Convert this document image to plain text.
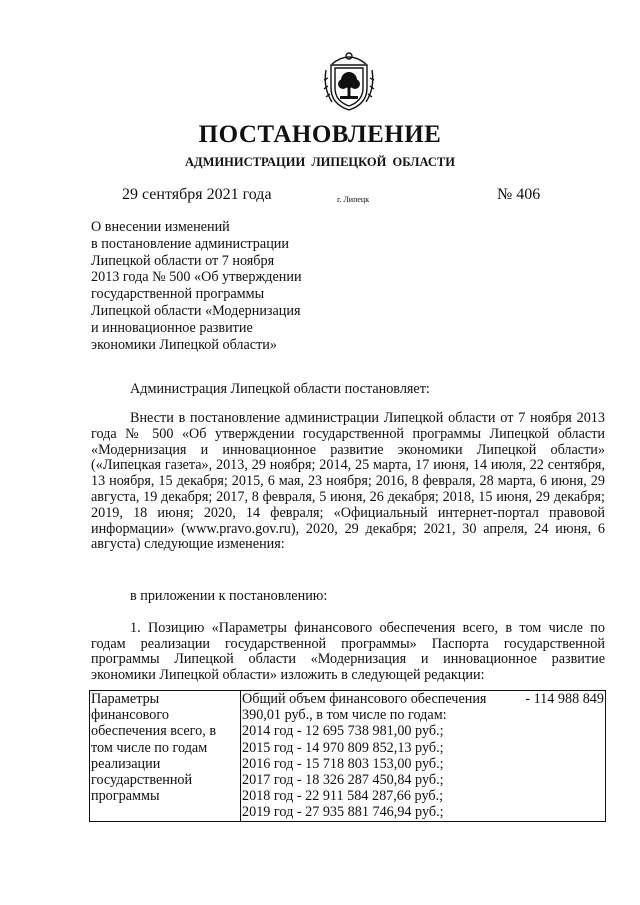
ПОСТАНОВЛЕНИЕ
АДМИНИСТРАЦИИ ЛИПЕЦКОЙ ОБЛАСТИ
29 сентября 2021 года	г. Липецк	№ 406

О внесении изменений
в постановление администрации
Липецкой области от 7 ноября
2013 года № 500 «Об утверждении
государственной программы
Липецкой области «Модернизация
и инновационное развитие
экономики Липецкой области»

Администрация Липецкой области постановляет:

Внести в постановление администрации Липецкой области от 7 ноября 2013 года № 500 «Об утверждении государственной программы Липецкой области «Модернизация и инновационное развитие экономики Липецкой области» («Липецкая газета», 2013, 29 ноября; 2014, 25 марта, 17 июня, 14 июля, 22 сентября, 13 ноября, 15 декабря; 2015, 6 мая, 23 ноября; 2016, 8 февраля, 28 марта, 6 июня, 29 августа, 19 декабря; 2017, 8 февраля, 5 июня, 26 декабря; 2018, 15 июня, 29 декабря; 2019, 18 июня; 2020, 14 февраля; «Официальный интернет-портал правовой информации» (www.pravo.gov.ru), 2020, 29 декабря; 2021, 30 апреля, 24 июня, 6 августа) следующие изменения:

в приложении к постановлению:

1. Позицию «Параметры финансового обеспечения всего, в том числе по годам реализации государственной программы» Паспорта государственной программы Липецкой области «Модернизация и инновационное развитие экономики Липецкой области» изложить в следующей редакции:

Параметры
финансового
обеспечения всего, в
том числе по годам
реализации
государственной
программы

Общий объем финансового обеспечения	- 114 988 849
390,01 руб., в том числе по годам:
2014 год - 12 695 738 981,00 руб.;
2015 год - 14 970 809 852,13 руб.;
2016 год - 15 718 803 153,00 руб.;
2017 год - 18 326 287 450,84 руб.;
2018 год - 22 911 584 287,66 руб.;
2019 год - 27 935 881 746,94 руб.;
